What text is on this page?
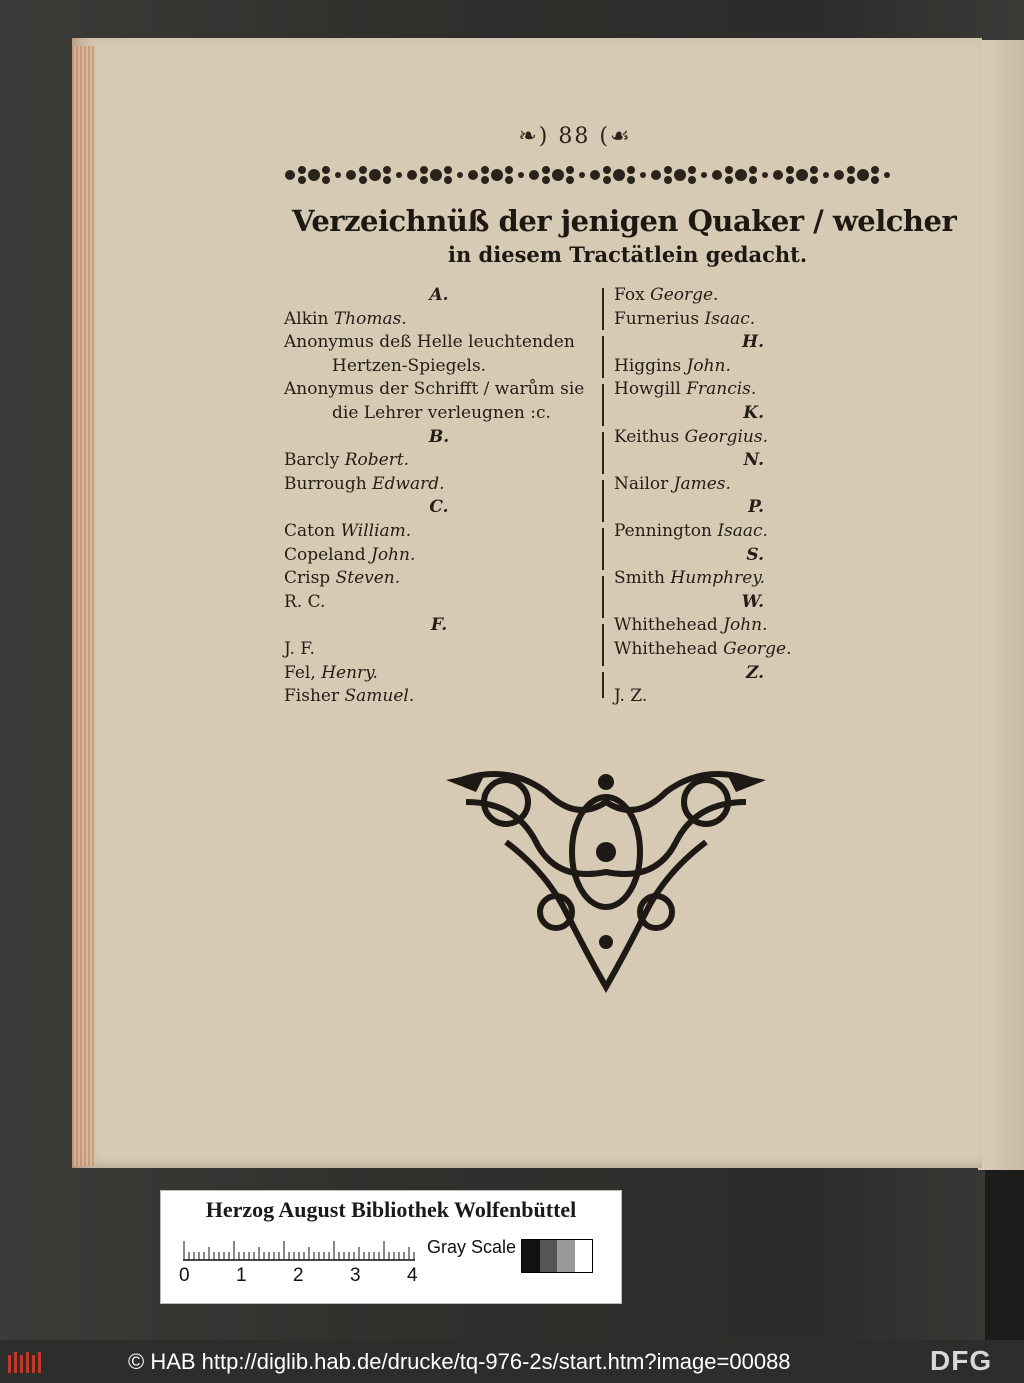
❧) 88 (☙
Verzeichnüß der jenigen Quaker / welcher
in diesem Tractätlein gedacht.
A.
Alkin Thomas.
Anonymus deß Helle leuchtenden
Hertzen-Spiegels.
Anonymus der Schrifft / warům sie
die Lehrer verleugnen :c.
B.
Barcly Robert.
Burrough Edward.
C.
Caton William.
Copeland John.
Crisp Steven.
R. C.
F.
J. F.
Fel, Henry.
Fisher Samuel.
Fox George.
Furnerius Isaac.
H.
Higgins John.
Howgill Francis.
K.
Keithus Georgius.
N.
Nailor James.
P.
Pennington Isaac.
S.
Smith Humphrey.
W.
Whithehead John.
Whithehead George.
Z.
J. Z.
Herzog August Bibliothek Wolfenbüttel
0 1 2 3 4
Gray Scale
© HAB http://diglib.hab.de/drucke/tq-976-2s/start.htm?image=00088	DFG
